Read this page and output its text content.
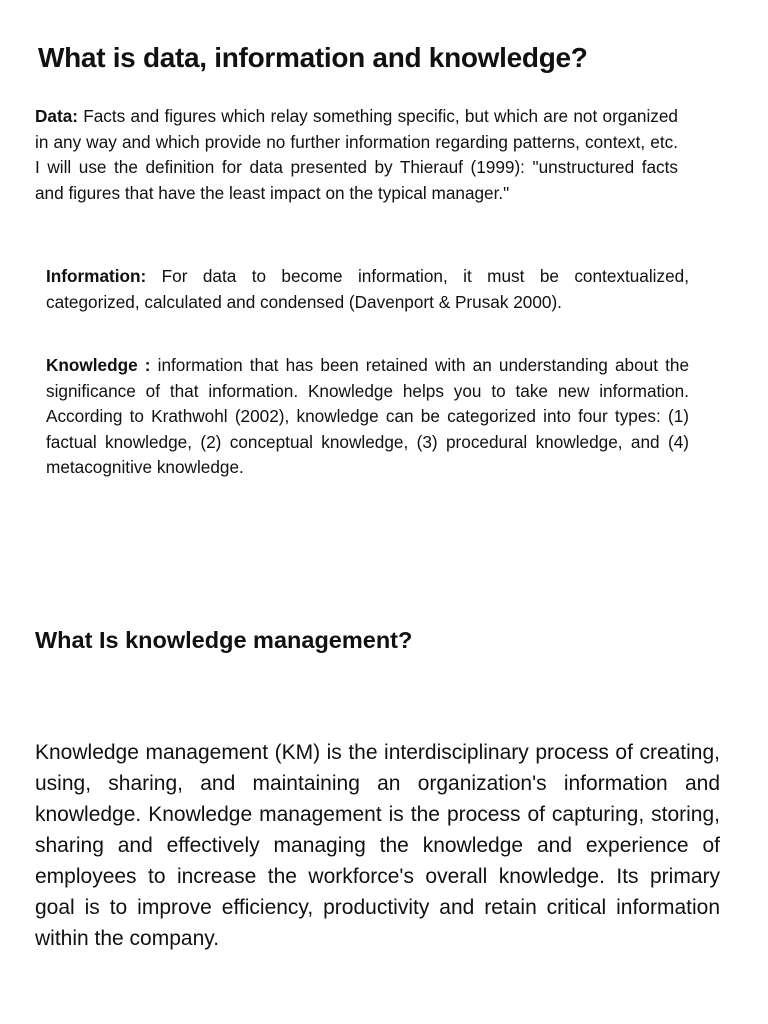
What is data, information and knowledge?

Data: Facts and figures which relay something specific, but which are not organized in any way and which provide no further information regarding patterns, context, etc. I will use the definition for data presented by Thierauf (1999): "unstructured facts and figures that have the least impact on the typical manager."

Information: For data to become information, it must be contextualized, categorized, calculated and condensed (Davenport & Prusak 2000).

Knowledge : information that has been retained with an understanding about the significance of that information. Knowledge helps you to take new information. According to Krathwohl (2002), knowledge can be categorized into four types: (1) factual knowledge, (2) conceptual knowledge, (3) procedural knowledge, and (4) metacognitive knowledge.

What Is knowledge management?

Knowledge management (KM) is the interdisciplinary process of creating, using, sharing, and maintaining an organization's information and knowledge. Knowledge management is the process of capturing, storing, sharing and effectively managing the knowledge and experience of employees to increase the workforce's overall knowledge. Its primary goal is to improve efficiency, productivity and retain critical information within the company.
